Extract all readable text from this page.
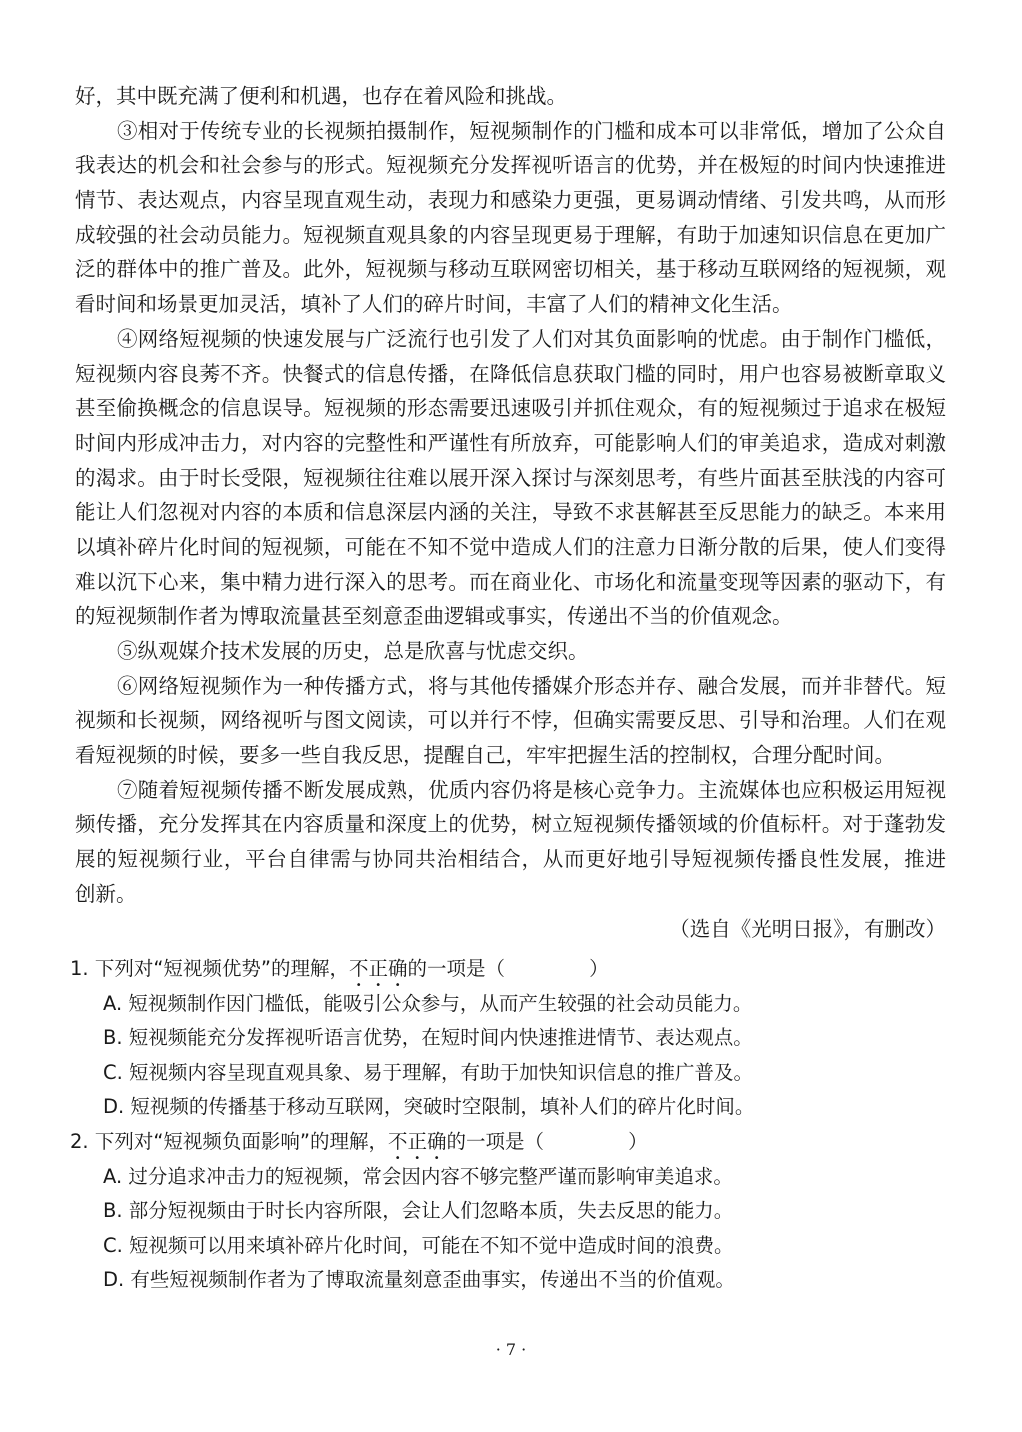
好，其中既充满了便利和机遇，也存在着风险和挑战。
③相对于传统专业的长视频拍摄制作，短视频制作的门槛和成本可以非常低，增加了公众自
我表达的机会和社会参与的形式。短视频充分发挥视听语言的优势，并在极短的时间内快速推进
情节、表达观点，内容呈现直观生动，表现力和感染力更强，更易调动情绪、引发共鸣，从而形
成较强的社会动员能力。短视频直观具象的内容呈现更易于理解，有助于加速知识信息在更加广
泛的群体中的推广普及。此外，短视频与移动互联网密切相关，基于移动互联网络的短视频，观
看时间和场景更加灵活，填补了人们的碎片时间，丰富了人们的精神文化生活。
④网络短视频的快速发展与广泛流行也引发了人们对其负面影响的忧虑。由于制作门槛低，
短视频内容良莠不齐。快餐式的信息传播，在降低信息获取门槛的同时，用户也容易被断章取义
甚至偷换概念的信息误导。短视频的形态需要迅速吸引并抓住观众，有的短视频过于追求在极短
时间内形成冲击力，对内容的完整性和严谨性有所放弃，可能影响人们的审美追求，造成对刺激
的渴求。由于时长受限，短视频往往难以展开深入探讨与深刻思考，有些片面甚至肤浅的内容可
能让人们忽视对内容的本质和信息深层内涵的关注，导致不求甚解甚至反思能力的缺乏。本来用
以填补碎片化时间的短视频，可能在不知不觉中造成人们的注意力日渐分散的后果，使人们变得
难以沉下心来，集中精力进行深入的思考。而在商业化、市场化和流量变现等因素的驱动下，有
的短视频制作者为博取流量甚至刻意歪曲逻辑或事实，传递出不当的价值观念。
⑤纵观媒介技术发展的历史，总是欣喜与忧虑交织。
⑥网络短视频作为一种传播方式，将与其他传播媒介形态并存、融合发展，而并非替代。短
视频和长视频，网络视听与图文阅读，可以并行不悖，但确实需要反思、引导和治理。人们在观
看短视频的时候，要多一些自我反思，提醒自己，牢牢把握生活的控制权，合理分配时间。
⑦随着短视频传播不断发展成熟，优质内容仍将是核心竞争力。主流媒体也应积极运用短视
频传播，充分发挥其在内容质量和深度上的优势，树立短视频传播领域的价值标杆。对于蓬勃发
展的短视频行业，平台自律需与协同共治相结合，从而更好地引导短视频传播良性发展，推进
创新。
（选自《光明日报》，有删改）
1. 下列对“短视频优势”的理解，不正确的一项是（	）
A. 短视频制作因门槛低，能吸引公众参与，从而产生较强的社会动员能力。
B. 短视频能充分发挥视听语言优势，在短时间内快速推进情节、表达观点。
C. 短视频内容呈现直观具象、易于理解，有助于加快知识信息的推广普及。
D. 短视频的传播基于移动互联网，突破时空限制，填补人们的碎片化时间。
2. 下列对“短视频负面影响”的理解，不正确的一项是（	）
A. 过分追求冲击力的短视频，常会因内容不够完整严谨而影响审美追求。
B. 部分短视频由于时长内容所限，会让人们忽略本质，失去反思的能力。
C. 短视频可以用来填补碎片化时间，可能在不知不觉中造成时间的浪费。
D. 有些短视频制作者为了博取流量刻意歪曲事实，传递出不当的价值观。
· 7 ·
